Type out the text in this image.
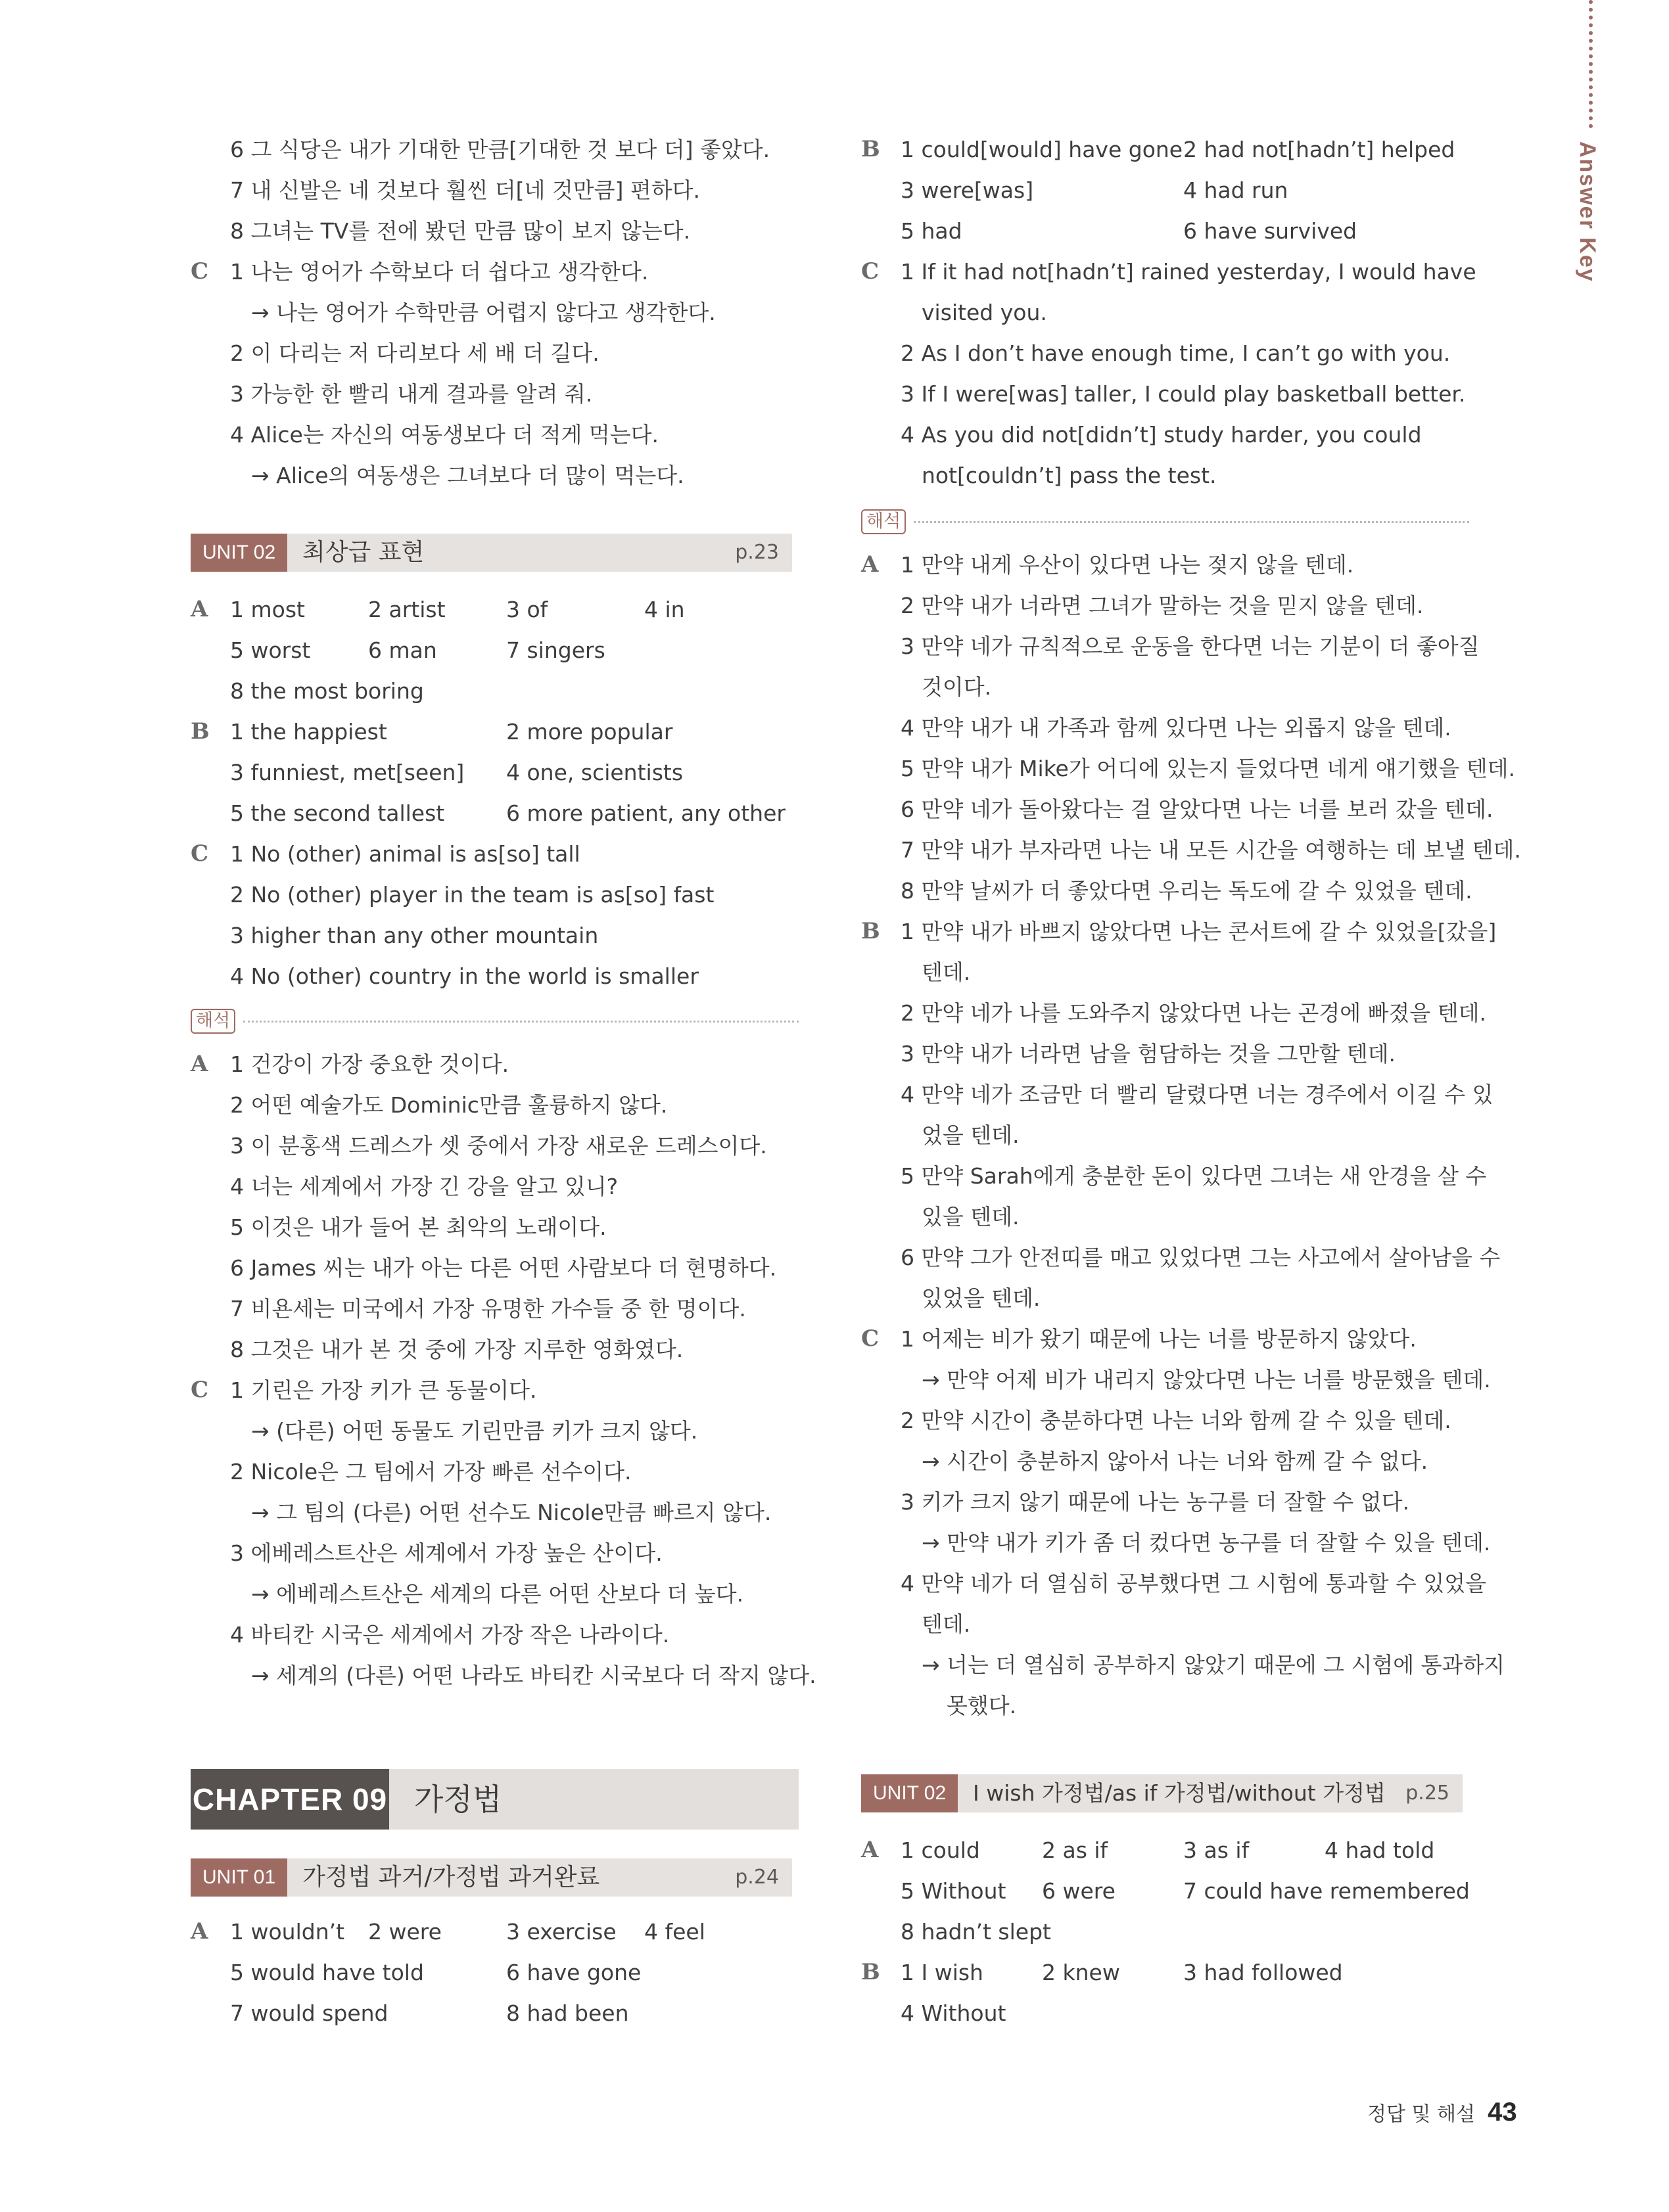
Answer Key
6 그 식당은 내가 기대한 만큼[기대한 것 보다 더] 좋았다.
7 내 신발은 네 것보다 훨씬 더[네 것만큼] 편하다.
8 그녀는 TV를 전에 봤던 만큼 많이 보지 않는다.
C 1 나는 영어가 수학보다 더 쉽다고 생각한다.
→ 나는 영어가 수학만큼 어렵지 않다고 생각한다.
2 이 다리는 저 다리보다 세 배 더 길다.
3 가능한 한 빨리 내게 결과를 알려 줘.
4 Alice는 자신의 여동생보다 더 적게 먹는다.
→ Alice의 여동생은 그녀보다 더 많이 먹는다.
UNIT 02	최상급 표현	p.23
A 1 most	2 artist	3 of	4 in
5 worst	6 man	7 singers
8 the most boring
B 1 the happiest	2 more popular
3 funniest, met[seen] 4 one, scientists
5 the second tallest	6 more patient, any other
C 1 No (other) animal is as[so] tall
2 No (other) player in the team is as[so] fast
3 higher than any other mountain
4 No (other) country in the world is smaller
해석
A 1 건강이 가장 중요한 것이다.
2 어떤 예술가도 Dominic만큼 훌륭하지 않다.
3 이 분홍색 드레스가 셋 중에서 가장 새로운 드레스이다.
4 너는 세계에서 가장 긴 강을 알고 있니?
5 이것은 내가 들어 본 최악의 노래이다.
6 James 씨는 내가 아는 다른 어떤 사람보다 더 현명하다.
7 비욘세는 미국에서 가장 유명한 가수들 중 한 명이다.
8 그것은 내가 본 것 중에 가장 지루한 영화였다.
C 1 기린은 가장 키가 큰 동물이다.
→ (다른) 어떤 동물도 기린만큼 키가 크지 않다.
2 Nicole은 그 팀에서 가장 빠른 선수이다.
→ 그 팀의 (다른) 어떤 선수도 Nicole만큼 빠르지 않다.
3 에베레스트산은 세계에서 가장 높은 산이다.
→ 에베레스트산은 세계의 다른 어떤 산보다 더 높다.
4 바티칸 시국은 세계에서 가장 작은 나라이다.
→ 세계의 (다른) 어떤 나라도 바티칸 시국보다 더 작지 않다.
UNIT 01	가정법 과거/가정법 과거완료	p.24
A 1 wouldn’t 2 were	3 exercise 4 feel
5 would have told	6 have gone
7 would spend	8 had been
CHAPTER 09 가정법
B 1 could[would] have gone 2 had not[hadn’t] helped
3 were[was]	4 had run
5 had	6 have survived
C 1 If it had not[hadn’t] rained yesterday, I would have
visited you.
2 As I don’t have enough time, I can’t go with you.
3 If I were[was] taller, I could play basketball better.
4 As you did not[didn’t] study harder, you could
not[couldn’t] pass the test.
해석
A 1 만약 내게 우산이 있다면 나는 젖지 않을 텐데.
2 만약 내가 너라면 그녀가 말하는 것을 믿지 않을 텐데.
3 만약 네가 규칙적으로 운동을 한다면 너는 기분이 더 좋아질
것이다.
4 만약 내가 내 가족과 함께 있다면 나는 외롭지 않을 텐데.
5 만약 내가 Mike가 어디에 있는지 들었다면 네게 얘기했을 텐데.
6 만약 네가 돌아왔다는 걸 알았다면 나는 너를 보러 갔을 텐데.
7 만약 내가 부자라면 나는 내 모든 시간을 여행하는 데 보낼 텐데.
8 만약 날씨가 더 좋았다면 우리는 독도에 갈 수 있었을 텐데.
B 1 만약 내가 바쁘지 않았다면 나는 콘서트에 갈 수 있었을[갔을]
텐데.
2 만약 네가 나를 도와주지 않았다면 나는 곤경에 빠졌을 텐데.
3 만약 내가 너라면 남을 험담하는 것을 그만할 텐데.
4 만약 네가 조금만 더 빨리 달렸다면 너는 경주에서 이길 수 있
었을 텐데.
5 만약 Sarah에게 충분한 돈이 있다면 그녀는 새 안경을 살 수
있을 텐데.
6 만약 그가 안전띠를 매고 있었다면 그는 사고에서 살아남을 수
있었을 텐데.
C 1 어제는 비가 왔기 때문에 나는 너를 방문하지 않았다.
→ 만약 어제 비가 내리지 않았다면 나는 너를 방문했을 텐데.
2 만약 시간이 충분하다면 나는 너와 함께 갈 수 있을 텐데.
→ 시간이 충분하지 않아서 나는 너와 함께 갈 수 없다.
3 키가 크지 않기 때문에 나는 농구를 더 잘할 수 없다.
→ 만약 내가 키가 좀 더 컸다면 농구를 더 잘할 수 있을 텐데.
4 만약 네가 더 열심히 공부했다면 그 시험에 통과할 수 있었을
텐데.
→ 너는 더 열심히 공부하지 않았기 때문에 그 시험에 통과하지
못했다.
UNIT 02	I wish 가정법/as if 가정법/without 가정법 p.25
A 1 could	2 as if	3 as if	4 had told
5 Without 6 were	7 could have remembered
8 hadn’t slept
B 1 I wish	2 knew	3 had followed
4 Without
정답 및 해설 43
